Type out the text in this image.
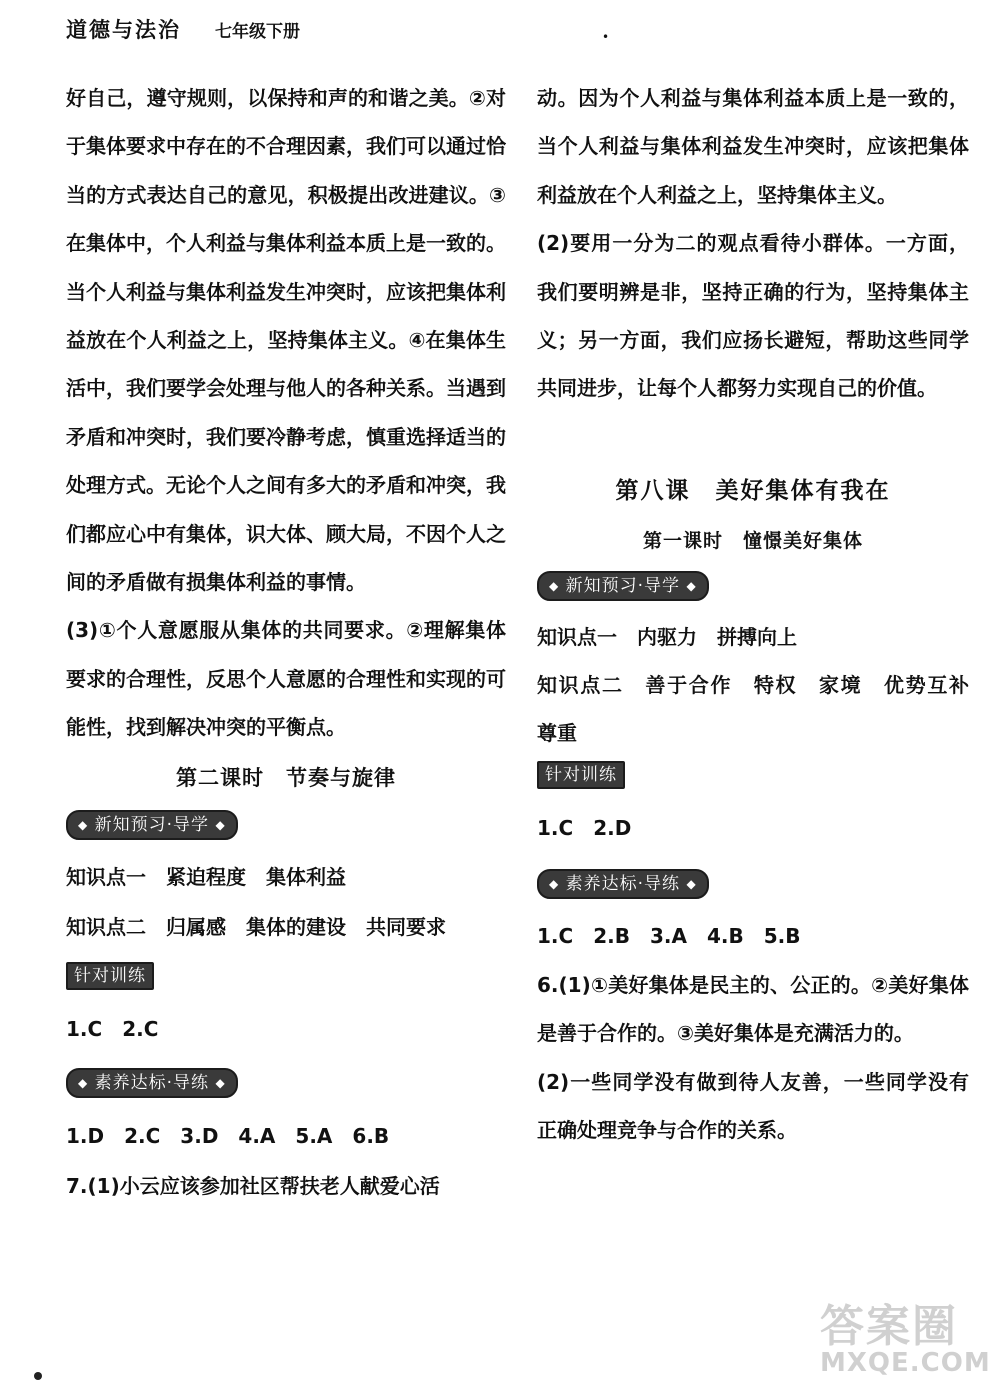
道德与法治 七年级下册	•

好自己，遵守规则，以保持和声的和谐之美。②对于集体要求中存在的不合理因素，我们可以通过恰当的方式表达自己的意见，积极提出改进建议。③在集体中，个人利益与集体利益本质上是一致的。当个人利益与集体利益发生冲突时，应该把集体利益放在个人利益之上，坚持集体主义。④在集体生活中，我们要学会处理与他人的各种关系。当遇到矛盾和冲突时，我们要冷静考虑，慎重选择适当的处理方式。无论个人之间有多大的矛盾和冲突，我们都应心中有集体，识大体、顾大局，不因个人之间的矛盾做有损集体利益的事情。

(3)①个人意愿服从集体的共同要求。②理解集体要求的合理性，反思个人意愿的合理性和实现的可能性，找到解决冲突的平衡点。

第二课时　节奏与旋律
◆ 新知预习·导学 ◆
知识点一　紧迫程度　集体利益
知识点二　归属感　集体的建设　共同要求
针对训练
1.C　2.C
◆ 素养达标·导练 ◆
1.D　2.C　3.D　4.A　5.A　6.B
7.(1)小云应该参加社区帮扶老人献爱心活

动。因为个人利益与集体利益本质上是一致的，当个人利益与集体利益发生冲突时，应该把集体利益放在个人利益之上，坚持集体主义。

(2)要用一分为二的观点看待小群体。一方面，我们要明辨是非，坚持正确的行为，坚持集体主义；另一方面，我们应扬长避短，帮助这些同学共同进步，让每个人都努力实现自己的价值。

第八课　美好集体有我在
第一课时　憧憬美好集体
◆ 新知预习·导学 ◆
知识点一　内驱力　拼搏向上

知识点二　善于合作　特权　家境　优势互补　尊重

针对训练
1.C　2.D
◆ 素养达标·导练 ◆
1.C　2.B　3.A　4.B　5.B

6.(1)①美好集体是民主的、公正的。②美好集体是善于合作的。③美好集体是充满活力的。

(2)一些同学没有做到待人友善，一些同学没有正确处理竞争与合作的关系。

答案圈
MXQE.COM
